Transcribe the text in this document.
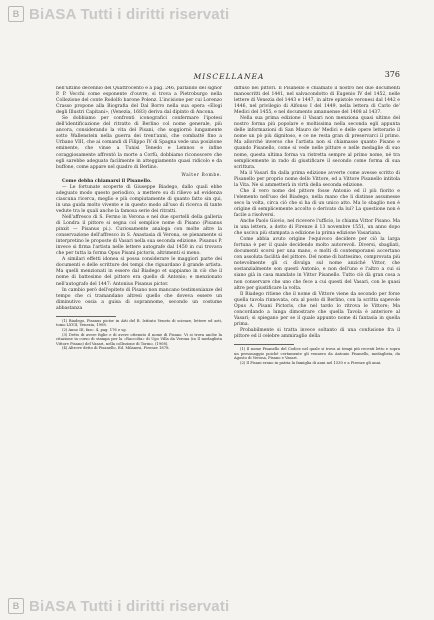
B BiASA Tutti i diritti riservati
MISCELLANEA	376

nell'ultimo decennio del Quattrocento e a pag. 246, parlando del signor P. P. Vecchi come esponente d'ouvre, si trova a Pietroburgo nella Collezione del conte Rodolfo barone Polenz. L'incisione per cui Lorenzo Crasso propone alla Biografia del Dal Borro nella sua opera «Elogi degli Illustri Capitani», (Venezia, 1683) deriva dal dipinto di Ancona.

Se dobbiamo per confronti iconografici confermare l'ipotesi dell'identificazione del ritratto di Berlino col nome generale, più ancora, considerando la vita del Pisani, che soggiornò lungamente sotto Wallenstein nella guerra dei trent'anni, che combatté fino a Urbano VIII, che ai comandi di Filippo IV di Spagna vede una posizione eminente, che vinse a Tunisi Tenedo e Lemnos e infine coraggiosamente affrontò la morte a Corfù, dobbiamo riconoscere che egli sarebbe adeguato facilmente in atteggiamento quasi ridicolo e da buffone, come appare nel quadro di Berlino.

Walter Bombe.

Come debba chiamarsi il Pisanello.

— Le fortunate scoperte di Giuseppe Biadego, dallo quali ebbe adeguato modo questo periodico, a mettere su di rilievo ad evidenza ciascuna ricerca, meglio e più compiutamente di quanto fatto sin qui, in una guida molto vivente e in questo modo all'uso di ricerca di tante vedute tra le quali anche la famosa serie dei ritratti.

Nell'affresco di S. Fermo in Verona e nel due sportelli della galleria di Londra il pittore si segna col semplice nome di Pisano (Pisanus pinxit — Pisanus pi.). Curiosamente analoga con molte altre la conservazione dell'affresco in S. Anastasia di Verona, se pienamente si interpretino le proposte di Vasari nella sua seconda edizione. Pisanus P. invece si firma l'artista nelle lettere autografe dal 1450 in cui trovava che per tutta la forma Opus Pisani pictoris, altrimenti si meno.

A similari effetti idonea si possa considerare le maggiori parte dei documenti e delle scritture dei tempi che riguardano il grande artista. Ma quelli menzionati in essere dal Biadego et sappiamo in ciò che il nome di battesimo del pittore era quello di Antonio; e menzionato nell'autografo del 1447: Antonius Pisanus pictor.

In cambio però dell'epiteto di Pisano non mancano testimonianze del tempo che ci tramandano altresì quello che doveva essere un diminutivo ossia a guisa di soprannome, secondo un costume abbastanza

(1) Biadego, Pisanus pictor in Atti del R. Istituto Veneto di scienze, lettere ed arti, tomo LXVII, Venezia, 1908.

(2) Anno III, fasc. 4, pag. 176 e sg.

(3) Detto di avere figlie e di avere ottenuto il nome di Pisano. Vi si trova anche la citazione in corso di stampa per la «Raccolta» di Ugo Villa da Verona (in Il medaglista Vittore Pisano) del Vasari, nella collezione di Torino, (1908).

(4) Altrove detto di Pisanello, Ed. Milanesi, Firenze 1878.

diffuso nei pittori. Il Pisanello è chiamato il nostro nel due documenti manoscritti del 1441, nel salvacondotto di Eugenio IV del 1452, nelle lettere di Venezia del 1443 e 1447, in altre epistole veronesi dal 1442 e 1446, nel privilegio di Alfonso I del 1449, nella lettera di Carlo de' Medici del 1455, e nel documento amanuense del 1408 al 1437.

Nella sua prima edizione il Vasari non menziona quasi ultimo del nostro forma più popolare e moltissima nella seconda egli appunta delle informazioni di San Mauro de' Medici e delle opere letterarie il nome un pò più dignitoso, e ce ne resta gran di preservarci il primo. Ma allorché inverso che l'artista non si chiamasse quanto Pisano e quando Pisanello, come si vede nelle pitture e nelle medaglie di suo nome, questa ultima forma va ristretta sempre al primo nome, né tra semplicemente in rado di giustificare il secondo come forma di sua scrittura.

Ma il Vasari fin dalla prima edizione avverte come avesse scritto di Pisanello per proprio nome dello Vittore, ed a Vittore Pisanello intitola la Vita. Ne si ammetterà in virtù della seconda edizione.

Che il vero nome del pittore fosse Antonio ed il più fiorito e l'elemento nell'uso del Biadego, nella mano che li distinse assumesse seco la volta, circa ciò che si ha di un unico atto. Ma lo sbaglio non è origine di semplicemente accolto o derivato da lui? La questione non è facile a risolversi.

Anche Paolo Giovio, nel ricevere l'ufficio, lo chiama Vittor Pisano. Ma in una lettera, a dotto di Firenze il 13 novembre 1551, un anno dopo che usciva più stampata a edizione la prima edizione Vasariana.

Come abbia avuto origine l'equivoco decidere per ciò la larga fortuna è per il quale decidendo molto autorevoli. Diversi, sbagliati, documenti scorsi per una mano, e molti di contemporanei accertano con assoluta facilità del pittore. Del nome di battesimo, comprovata più notevolmente gli ci divulga sul nome anziché Vittor, che sostanzialmente son questi Antonio, e non dell'uno e l'altro a cui si siano già in casa mandato in Vittor Pisanello. Tutto ciò dà gran cosa a non conservare che uno che fece a cui questi del Vasari, con le quasi altre per giustificare la volta.

Il Biadego ritiene che il nome di Vittore viene da secondo per forse quella tavola rinnovata, ora al posto di Berlino, con la scritta sapevole Opus A. Pisani Pictoris, che nel tardo lo ritrova le Vittore; Ma concordando a lunga dimostrare che quella Tavola è anteriore al Vasari; si spiegano per se il quale appunto nome di fantasia in quella prima.

Probabilmente si tratta invece soltanto di una confusione fra il pittore ed il celebre ammiraglio della

(1) Il nome Pisanello del Codice nel quale si trova ai tempi più recenti letto e sopra un personaggio poiché certamente gli vennero da Antonio Pisanello, medaglista, da Agosto di Verona, Pisano e Vasari.

(2) Il Pisani erano in patria la famiglia di anni nel 1530 e a Firenze gli anni.

B BiASA Tutti i diritti riservati
